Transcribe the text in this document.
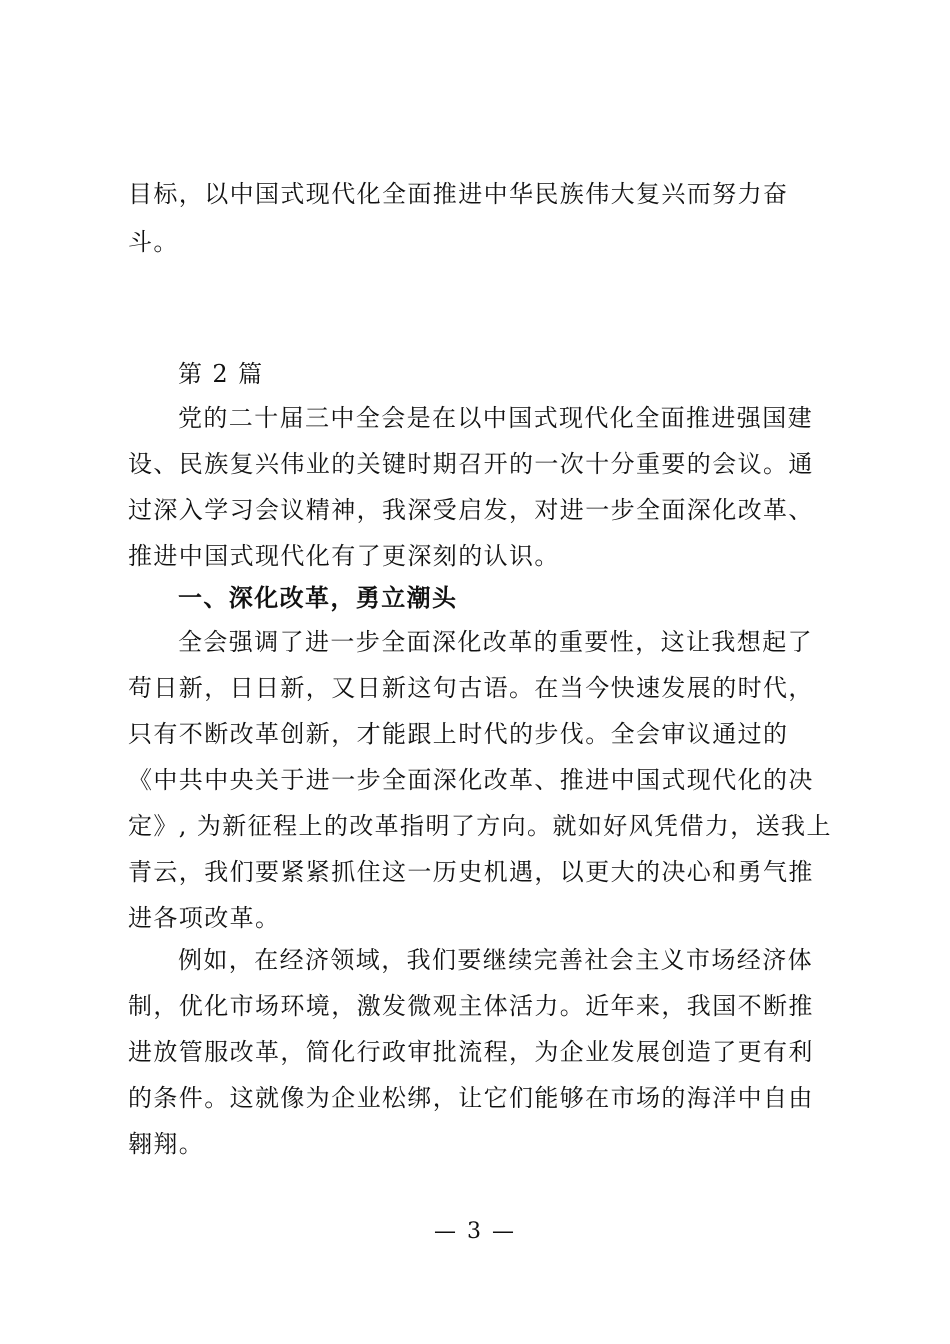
目标，以中国式现代化全面推进中华民族伟大复兴而努力奋
斗。
第 2 篇
党的二十届三中全会是在以中国式现代化全面推进强国建
设、民族复兴伟业的关键时期召开的一次十分重要的会议。通
过深入学习会议精神，我深受启发，对进一步全面深化改革、
推进中国式现代化有了更深刻的认识。
一、深化改革，勇立潮头
全会强调了进一步全面深化改革的重要性，这让我想起了
苟日新，日日新，又日新这句古语。在当今快速发展的时代，
只有不断改革创新，才能跟上时代的步伐。全会审议通过的
《中共中央关于进一步全面深化改革、推进中国式现代化的决
定》, 为新征程上的改革指明了方向。就如好风凭借力，送我上
青云，我们要紧紧抓住这一历史机遇，以更大的决心和勇气推
进各项改革。
例如，在经济领域，我们要继续完善社会主义市场经济体
制，优化市场环境，激发微观主体活力。近年来，我国不断推
进放管服改革，简化行政审批流程，为企业发展创造了更有利
的条件。这就像为企业松绑，让它们能够在市场的海洋中自由
翱翔。
— 3 —
